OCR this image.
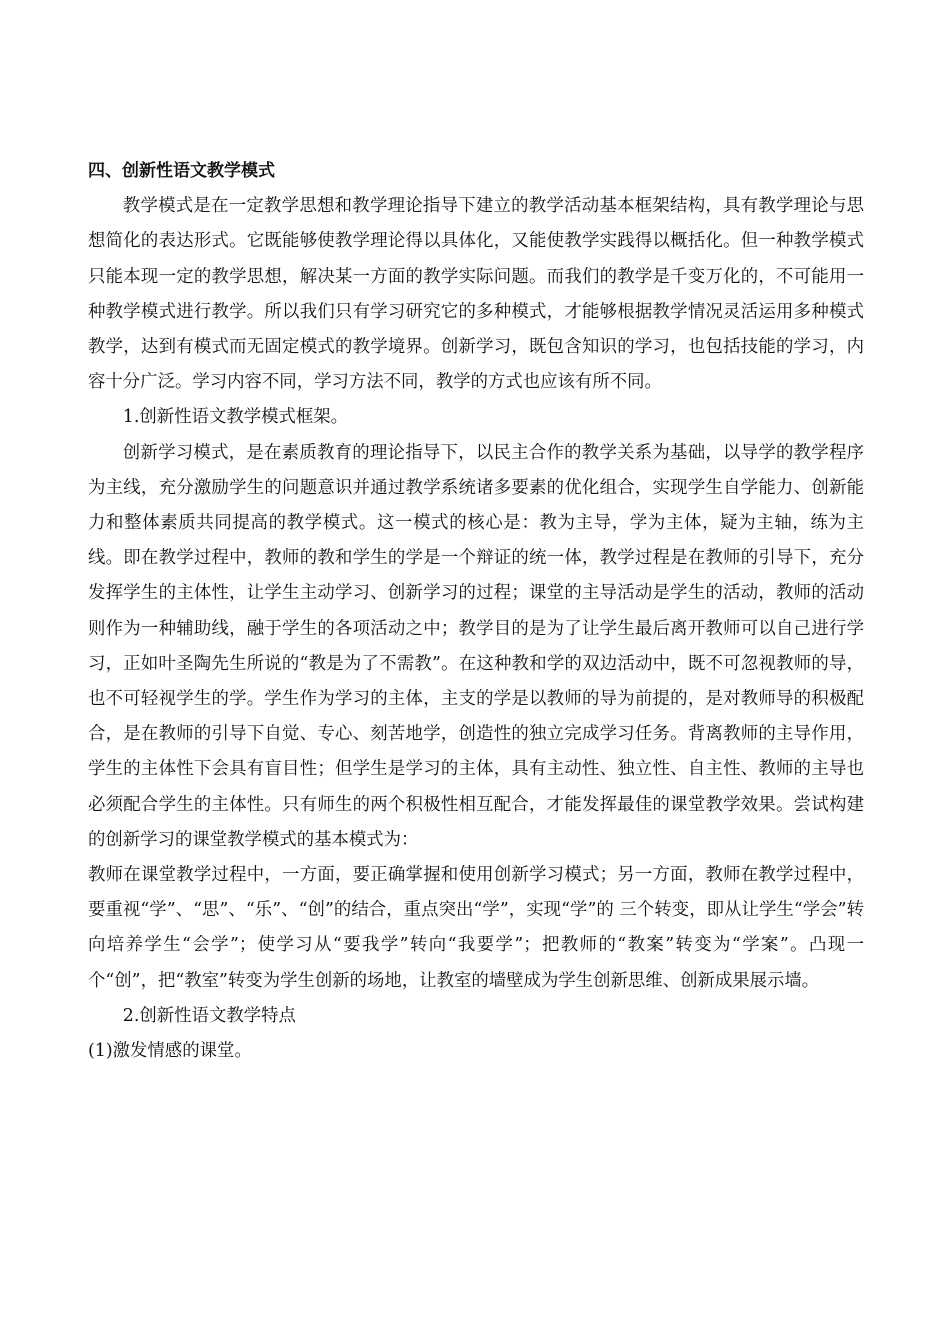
四、创新性语文教学模式

教学模式是在一定教学思想和教学理论指导下建立的教学活动基本框架结构，具有教学理论与思想简化的表达形式。它既能够使教学理论得以具体化，又能使教学实践得以概括化。但一种教学模式只能本现一定的教学思想，解决某一方面的教学实际问题。而我们的教学是千变万化的，不可能用一种教学模式进行教学。所以我们只有学习研究它的多种模式，才能够根据教学情况灵活运用多种模式教学，达到有模式而无固定模式的教学境界。创新学习，既包含知识的学习，也包括技能的学习，内容十分广泛。学习内容不同，学习方法不同，教学的方式也应该有所不同。

1.创新性语文教学模式框架。

创新学习模式，是在素质教育的理论指导下，以民主合作的教学关系为基础，以导学的教学程序为主线，充分激励学生的问题意识并通过教学系统诸多要素的优化组合，实现学生自学能力、创新能力和整体素质共同提高的教学模式。这一模式的核心是：教为主导，学为主体，疑为主轴，练为主线。即在教学过程中，教师的教和学生的学是一个辩证的统一体，教学过程是在教师的引导下，充分发挥学生的主体性，让学生主动学习、创新学习的过程；课堂的主导活动是学生的活动，教师的活动则作为一种辅助线，融于学生的各项活动之中；教学目的是为了让学生最后离开教师可以自己进行学习，正如叶圣陶先生所说的“教是为了不需教”。在这种教和学的双边活动中，既不可忽视教师的导，也不可轻视学生的学。学生作为学习的主体，主支的学是以教师的导为前提的，是对教师导的积极配合，是在教师的引导下自觉、专心、刻苦地学，创造性的独立完成学习任务。背离教师的主导作用，学生的主体性下会具有盲目性；但学生是学习的主体，具有主动性、独立性、自主性、教师的主导也必须配合学生的主体性。只有师生的两个积极性相互配合，才能发挥最佳的课堂教学效果。尝试构建的创新学习的课堂教学模式的基本模式为：

教师在课堂教学过程中，一方面，要正确掌握和使用创新学习模式；另一方面，教师在教学过程中，要重视“学”、“思”、“乐”、“创”的结合，重点突出“学”，实现“学”的 三个转变，即从让学生“学会”转向培养学生“会学”；使学习从“要我学”转向“我要学”；把教师的“教案”转变为“学案”。凸现一个“创”，把“教室”转变为学生创新的场地，让教室的墙壁成为学生创新思维、创新成果展示墙。

2.创新性语文教学特点

(1)激发情感的课堂。
